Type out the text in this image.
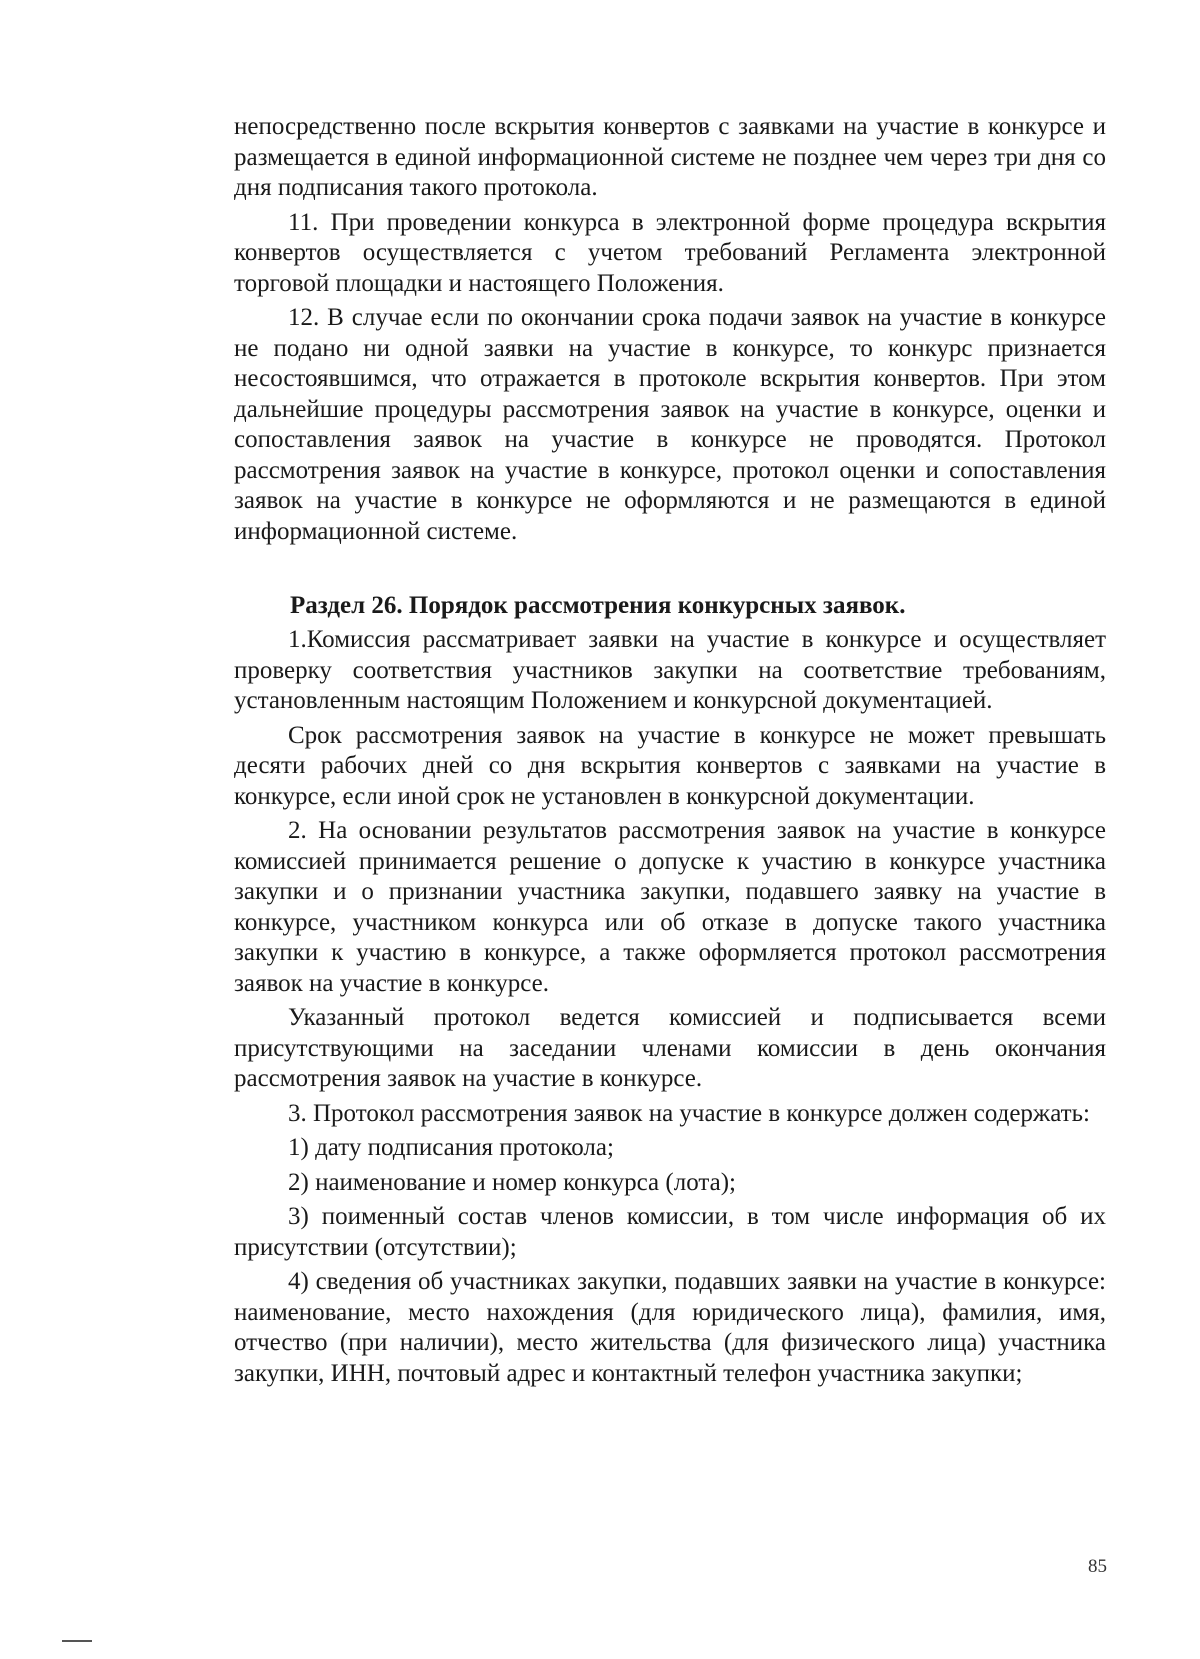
непосредственно после вскрытия конвертов с заявками на участие в конкурсе и размещается в единой информационной системе не позднее чем через три дня со дня подписания такого протокола.

11. При проведении конкурса в электронной форме процедура вскрытия конвертов осуществляется с учетом требований Регламента электронной торговой площадки и настоящего Положения.

12. В случае если по окончании срока подачи заявок на участие в конкурсе не подано ни одной заявки на участие в конкурсе, то конкурс признается несостоявшимся, что отражается в протоколе вскрытия конвертов. При этом дальнейшие процедуры рассмотрения заявок на участие в конкурсе, оценки и сопоставления заявок на участие в конкурсе не проводятся. Протокол рассмотрения заявок на участие в конкурсе, протокол оценки и сопоставления заявок на участие в конкурсе не оформляются и не размещаются в единой информационной системе.

Раздел 26. Порядок рассмотрения конкурсных заявок.

1.Комиссия рассматривает заявки на участие в конкурсе и осуществляет проверку соответствия участников закупки на соответствие требованиям, установленным настоящим Положением и конкурсной документацией.

Срок рассмотрения заявок на участие в конкурсе не может превышать десяти рабочих дней со дня вскрытия конвертов с заявками на участие в конкурсе, если иной срок не установлен в конкурсной документации.

2. На основании результатов рассмотрения заявок на участие в конкурсе комиссией принимается решение о допуске к участию в конкурсе участника закупки и о признании участника закупки, подавшего заявку на участие в конкурсе, участником конкурса или об отказе в допуске такого участника закупки к участию в конкурсе, а также оформляется протокол рассмотрения заявок на участие в конкурсе.

Указанный протокол ведется комиссией и подписывается всеми присутствующими на заседании членами комиссии в день окончания рассмотрения заявок на участие в конкурсе.

3. Протокол рассмотрения заявок на участие в конкурсе должен содержать:

1) дату подписания протокола;

2) наименование и номер конкурса (лота);

3) поименный состав членов комиссии, в том числе информация об их присутствии (отсутствии);

4) сведения об участниках закупки, подавших заявки на участие в конкурсе: наименование, место нахождения (для юридического лица), фамилия, имя, отчество (при наличии), место жительства (для физического лица) участника закупки, ИНН, почтовый адрес и контактный телефон участника закупки;

85
